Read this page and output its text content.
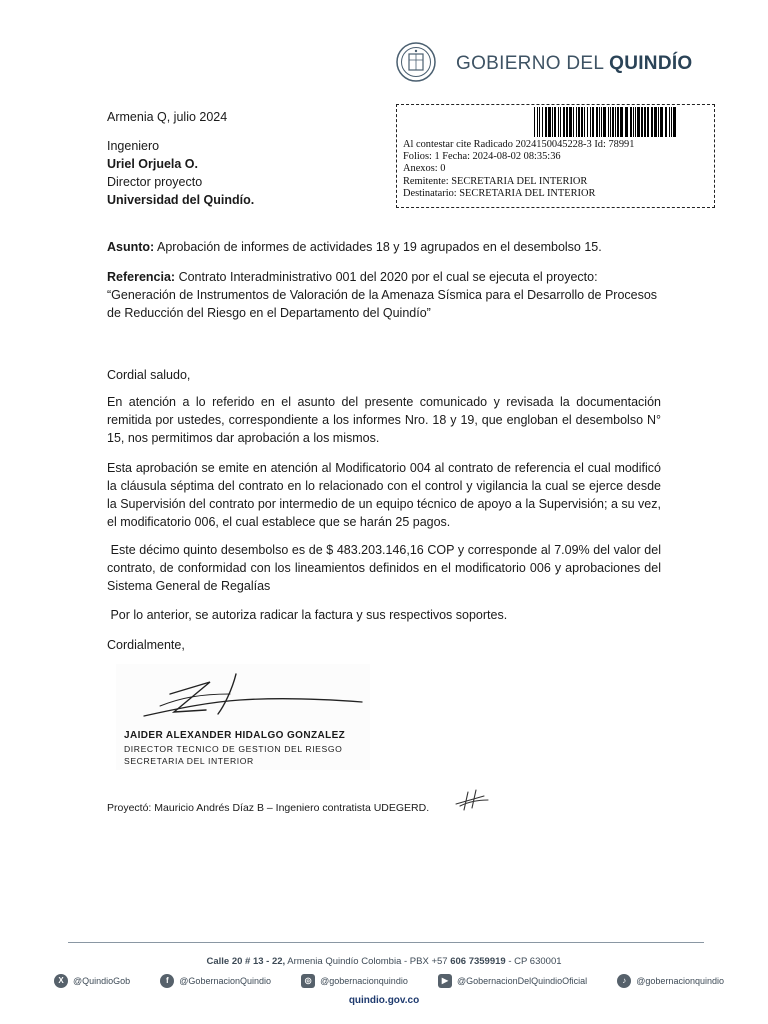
GOBIERNO DEL QUINDÍO
Armenia Q, julio 2024
Ingeniero
Uriel Orjuela O.
Director proyecto
Universidad del Quindío.
Al contestar cite Radicado 2024150045228-3 Id: 78991
Folios: 1 Fecha: 2024-08-02 08:35:36
Anexos: 0
Remitente: SECRETARIA DEL INTERIOR
Destinatario: SECRETARIA DEL INTERIOR
Asunto: Aprobación de informes de actividades 18 y 19 agrupados en el desembolso 15.
Referencia: Contrato Interadministrativo 001 del 2020 por el cual se ejecuta el proyecto:
“Generación de Instrumentos de Valoración de la Amenaza Sísmica para el Desarrollo de Procesos
de Reducción del Riesgo en el Departamento del Quindío”
Cordial saludo,
En atención a lo referido en el asunto del presente comunicado y revisada la documentación
remitida por ustedes, correspondiente a los informes Nro. 18 y 19, que engloban el desembolso N°
15, nos permitimos dar aprobación a los mismos.
Esta aprobación se emite en atención al Modificatorio 004 al contrato de referencia el cual modificó
la cláusula séptima del contrato en lo relacionado con el control y vigilancia la cual se ejerce desde
la Supervisión del contrato por intermedio de un equipo técnico de apoyo a la Supervisión; a su vez,
el modificatorio 006, el cual establece que se harán 25 pagos.
Este décimo quinto desembolso es de $ 483.203.146,16 COP y corresponde al 7.09% del valor del
contrato, de conformidad con los lineamientos definidos en el modificatorio 006 y aprobaciones del
Sistema General de Regalías
Por lo anterior, se autoriza radicar la factura y sus respectivos soportes.
Cordialmente,
JAIDER ALEXANDER HIDALGO GONZALEZ
DIRECTOR TECNICO DE GESTION DEL RIESGO
SECRETARIA DEL INTERIOR
Proyectó: Mauricio Andrés Díaz B – Ingeniero contratista UDEGERD.
Calle 20 # 13 - 22, Armenia Quindío Colombia - PBX +57 606 7359919 - CP 630001
X	@QuindioGob	f	@GobernacionQuindio	◎ @gobernacionquindio	▶ @GobernacionDelQuindioOficial	♪	@gobernacionquindio
quindio.gov.co
